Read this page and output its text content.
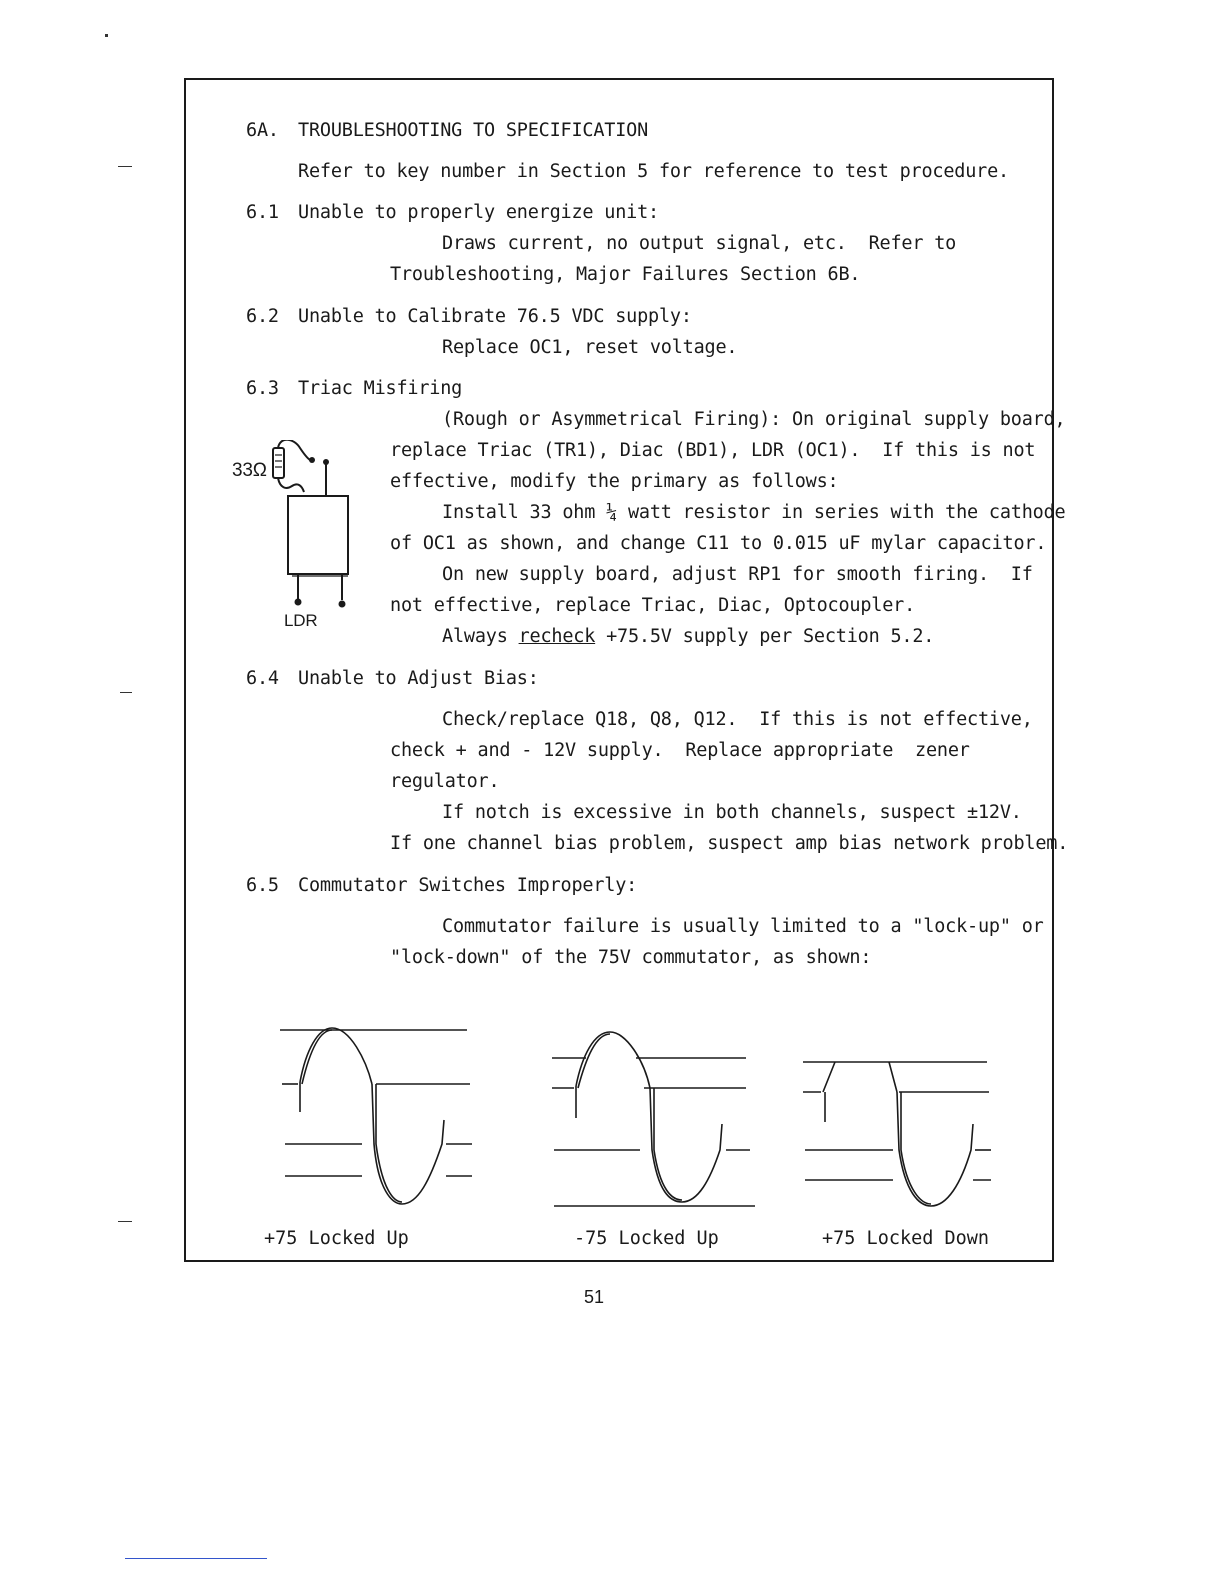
6A. TROUBLESHOOTING TO SPECIFICATION
Refer to key number in Section 5 for reference to test procedure.
6.1 Unable to properly energize unit:
Draws current, no output signal, etc.  Refer to
Troubleshooting, Major Failures Section 6B.
6.2 Unable to Calibrate 76.5 VDC supply:
Replace OC1, reset voltage.
6.3 Triac Misfiring
(Rough or Asymmetrical Firing): On original supply board,
replace Triac (TR1), Diac (BD1), LDR (OC1).  If this is not
effective, modify the primary as follows:
Install 33 ohm ¼ watt resistor in series with the cathode
of OC1 as shown, and change C11 to 0.015 uF mylar capacitor.
On new supply board, adjust RP1 for smooth firing.  If
not effective, replace Triac, Diac, Optocoupler.
Always recheck +75.5V supply per Section 5.2.
33Ω
LDR
6.4 Unable to Adjust Bias:
Check/replace Q18, Q8, Q12.  If this is not effective,
check + and - 12V supply.  Replace appropriate  zener
regulator.
If notch is excessive in both channels, suspect ±12V.
If one channel bias problem, suspect amp bias network problem.
6.5 Commutator Switches Improperly:
Commutator failure is usually limited to a "lock-up" or
"lock-down" of the 75V commutator, as shown:
+75 Locked Up	-75 Locked Up	+75 Locked Down
51
